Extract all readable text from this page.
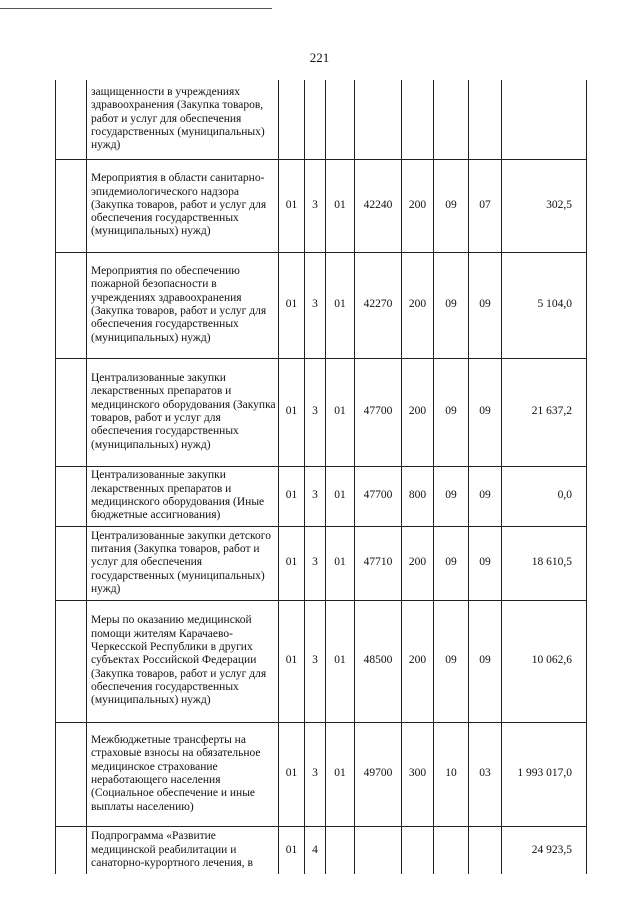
221
	защищенности в учреждениях здравоохранения (Закупка товаров, работ и услуг для обеспечения государственных (муниципальных) нужд)								
	Мероприятия в области санитарно-эпидемиологического надзора (Закупка товаров, работ и услуг для обеспечения государственных (муниципальных) нужд)	01	3	01	42240	200	09	07	302,5
	Мероприятия по обеспечению пожарной безопасности в учреждениях здравоохранения (Закупка товаров, работ и услуг для обеспечения государственных (муниципальных) нужд)	01	3	01	42270	200	09	09	5 104,0
	Централизованные закупки лекарственных препаратов и медицинского оборудования (Закупка товаров, работ и услуг для обеспечения государственных (муниципальных) нужд)	01	3	01	47700	200	09	09	21 637,2
	Централизованные закупки лекарственных препаратов и медицинского оборудования (Иные бюджетные ассигнования)	01	3	01	47700	800	09	09	0,0
	Централизованные закупки детского питания (Закупка товаров, работ и услуг для обеспечения государственных (муниципальных) нужд)	01	3	01	47710	200	09	09	18 610,5
	Меры по оказанию медицинской помощи жителям Карачаево-Черкесской Республики в других субъектах Российской Федерации (Закупка товаров, работ и услуг для обеспечения государственных (муниципальных) нужд)	01	3	01	48500	200	09	09	10 062,6
	Межбюджетные трансферты на страховые взносы на обязательное медицинское страхование неработающего населения (Социальное обеспечение и иные выплаты населению)	01	3	01	49700	300	10	03	1 993 017,0
	Подпрограмма «Развитие медицинской реабилитации и санаторно-курортного лечения, в	01	4						24 923,5
